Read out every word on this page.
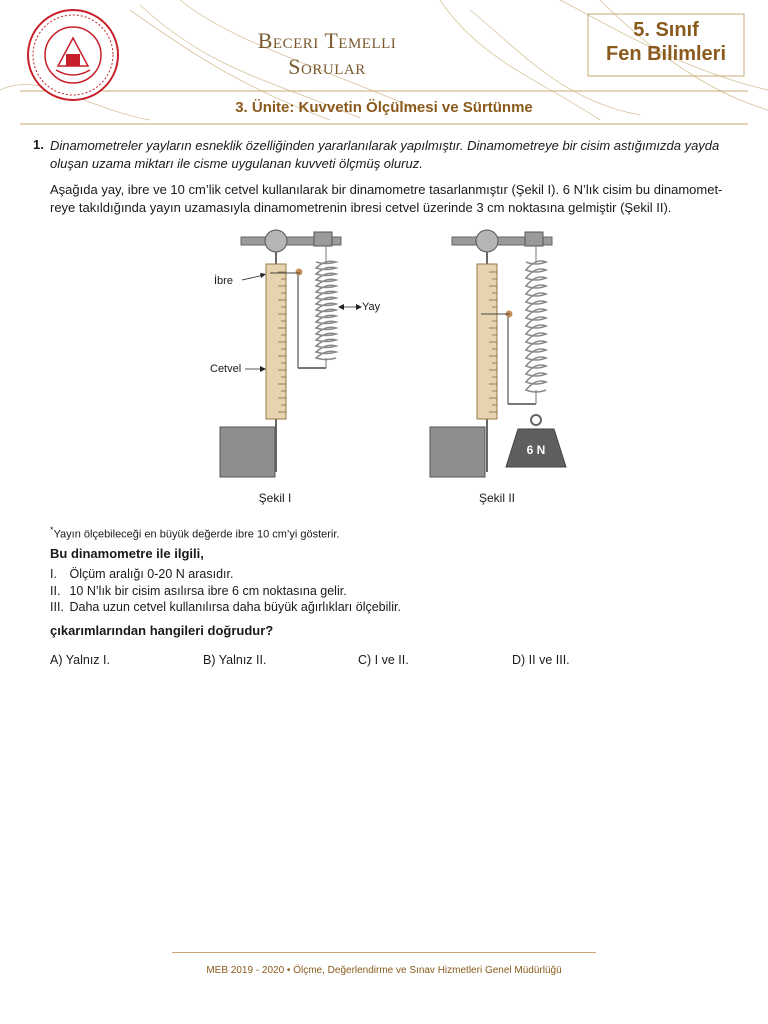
Beceri Temelli
Sorular
5. Sınıf
Fen Bilimleri
3. Ünite: Kuvvetin Ölçülmesi ve Sürtünme
1. Dinamometreler yayların esneklik özelliğinden yararlanılarak yapılmıştır. Dinamometreye bir cisim astığımızda yayda oluşan uzama miktarı ile cisme uygulanan kuvveti ölçmüş oluruz.
Aşağıda yay, ibre ve 10 cm’lik cetvel kullanılarak bir dinamometre tasarlanmıştır (Şekil I). 6 N’lık cisim bu dinamomet-
reye takıldığında yayın uzamasıyla dinamometrenin ibresi cetvel üzerinde 3 cm noktasına gelmiştir (Şekil II).
İbre
Yay
Cetvel
6 N
Şekil I	Şekil II
*Yayın ölçebileceği en büyük değerde ibre 10 cm’yi gösterir.
Bu dinamometre ile ilgili,
I. Ölçüm aralığı 0-20 N arasıdır.
II. 10 N’lık bir cisim asılırsa ibre 6 cm noktasına gelir.
III. Daha uzun cetvel kullanılırsa daha büyük ağırlıkları ölçebilir.
çıkarımlarından hangileri doğrudur?
A) Yalnız I.	B) Yalnız II.	C) I ve II.	D) II ve III.
MEB 2019 - 2020 • Ölçme, Değerlendirme ve Sınav Hizmetleri Genel Müdürlüğü
